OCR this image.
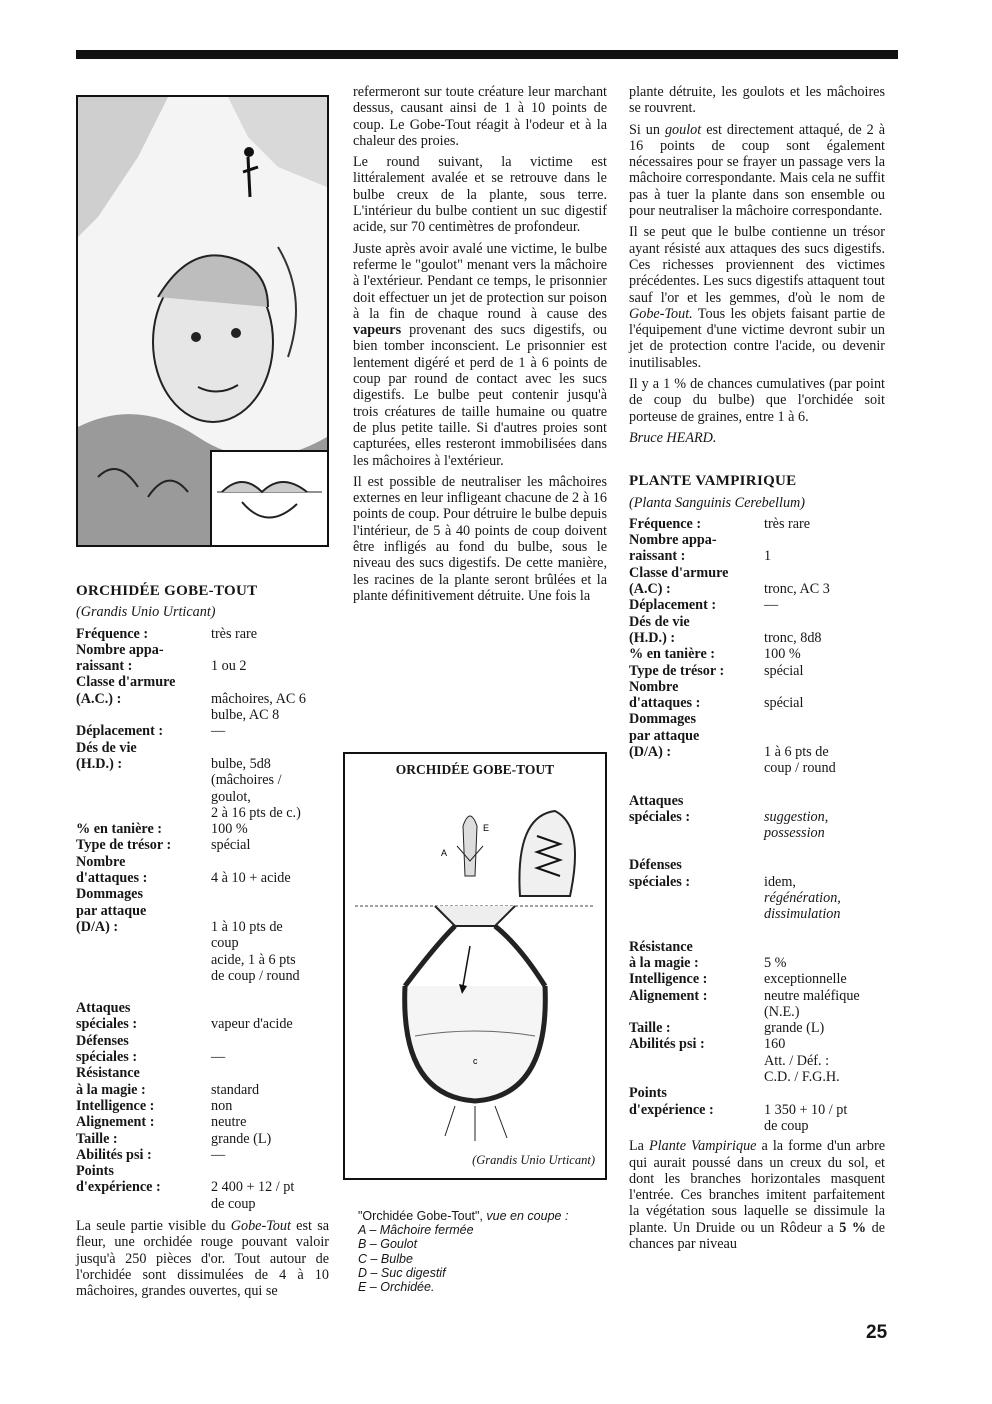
ORCHIDÉE GOBE-TOUT

(Grandis Unio Urticant)

Fréquence :	très rare
Nombre appa-
raissant :	1 ou 2
Classe d'armure
(A.C.) :	mâchoires, AC 6
bulbe, AC 8
Déplacement :	—
Dés de vie
(H.D.) :	bulbe, 5d8
(mâchoires /
goulot,
2 à 16 pts de c.)
% en tanière :	100 %
Type de trésor :	spécial
Nombre
d'attaques :	4 à 10 + acide
Dommages
par attaque
(D/A) :	1 à 10 pts de
coup
acide, 1 à 6 pts
de coup / round
Attaques
spéciales :	vapeur d'acide
Défenses
spéciales :	—
Résistance
à la magie :	standard
Intelligence :	non
Alignement :	neutre
Taille :	grande (L)
Abilités psi :	—
Points
d'expérience :	2 400 + 12 / pt
de coup

La seule partie visible du Gobe-Tout est sa fleur, une orchidée rouge pouvant valoir jusqu'à 250 pièces d'or. Tout autour de l'orchidée sont dissimulées de 4 à 10 mâchoires, grandes ouvertes, qui se

refermeront sur toute créature leur marchant dessus, causant ainsi de 1 à 10 points de coup. Le Gobe-Tout réagit à l'odeur et à la chaleur des proies.

Le round suivant, la victime est littéralement avalée et se retrouve dans le bulbe creux de la plante, sous terre. L'intérieur du bulbe contient un suc digestif acide, sur 70 centimètres de profondeur.

Juste après avoir avalé une victime, le bulbe referme le "goulot" menant vers la mâchoire à l'extérieur. Pendant ce temps, le prisonnier doit effectuer un jet de protection sur poison à la fin de chaque round à cause des vapeurs provenant des sucs digestifs, ou bien tomber inconscient. Le prisonnier est lentement digéré et perd de 1 à 6 points de coup par round de contact avec les sucs digestifs. Le bulbe peut contenir jusqu'à trois créatures de taille humaine ou quatre de plus petite taille. Si d'autres proies sont capturées, elles resteront immobilisées dans les mâchoires à l'extérieur.

Il est possible de neutraliser les mâchoires externes en leur infligeant chacune de 2 à 16 points de coup. Pour détruire le bulbe depuis l'intérieur, de 5 à 40 points de coup doivent être infligés au fond du bulbe, sous le niveau des sucs digestifs. De cette manière, les racines de la plante seront brûlées et la plante définitivement détruite. Une fois la

ORCHIDÉE GOBE-TOUT
A
c
E
(Grandis Unio Urticant)
"Orchidée Gobe-Tout", vue en coupe :
A – Mâchoire fermée
B – Goulot
C – Bulbe
D – Suc digestif
E – Orchidée.

plante détruite, les goulots et les mâchoires se rouvrent.

Si un goulot est directement attaqué, de 2 à 16 points de coup sont également nécessaires pour se frayer un passage vers la mâchoire correspondante. Mais cela ne suffit pas à tuer la plante dans son ensemble ou pour neutraliser la mâchoire correspondante.

Il se peut que le bulbe contienne un trésor ayant résisté aux attaques des sucs digestifs. Ces richesses proviennent des victimes précédentes. Les sucs digestifs attaquent tout sauf l'or et les gemmes, d'où le nom de Gobe-Tout. Tous les objets faisant partie de l'équipement d'une victime devront subir un jet de protection contre l'acide, ou devenir inutilisables.

Il y a 1 % de chances cumulatives (par point de coup du bulbe) que l'orchidée soit porteuse de graines, entre 1 à 6.

Bruce HEARD.

PLANTE VAMPIRIQUE

(Planta Sanguinis Cerebellum)

Fréquence :	très rare
Nombre appa-
raissant :	1
Classe d'armure
(A.C) :	tronc, AC 3
Déplacement :	—
Dés de vie
(H.D.) :	tronc, 8d8
% en tanière :	100 %
Type de trésor :	spécial
Nombre
d'attaques :	spécial
Dommages
par attaque
(D/A) :	1 à 6 pts de
coup / round
Attaques
spéciales :	suggestion,
possession
Défenses
spéciales :	idem,
régénération,
dissimulation
Résistance
à la magie :	5 %
Intelligence :	exceptionnelle
Alignement :	neutre maléfique
(N.E.)
Taille :	grande (L)
Abilités psi :	160
Att. / Déf. :
C.D. / F.G.H.
Points
d'expérience :	1 350 + 10 / pt
de coup

La Plante Vampirique a la forme d'un arbre qui aurait poussé dans un creux du sol, et dont les branches horizontales masquent l'entrée. Ces branches imitent parfaitement la végétation sous laquelle se dissimule la plante. Un Druide ou un Rôdeur a 5 % de chances par niveau

25
